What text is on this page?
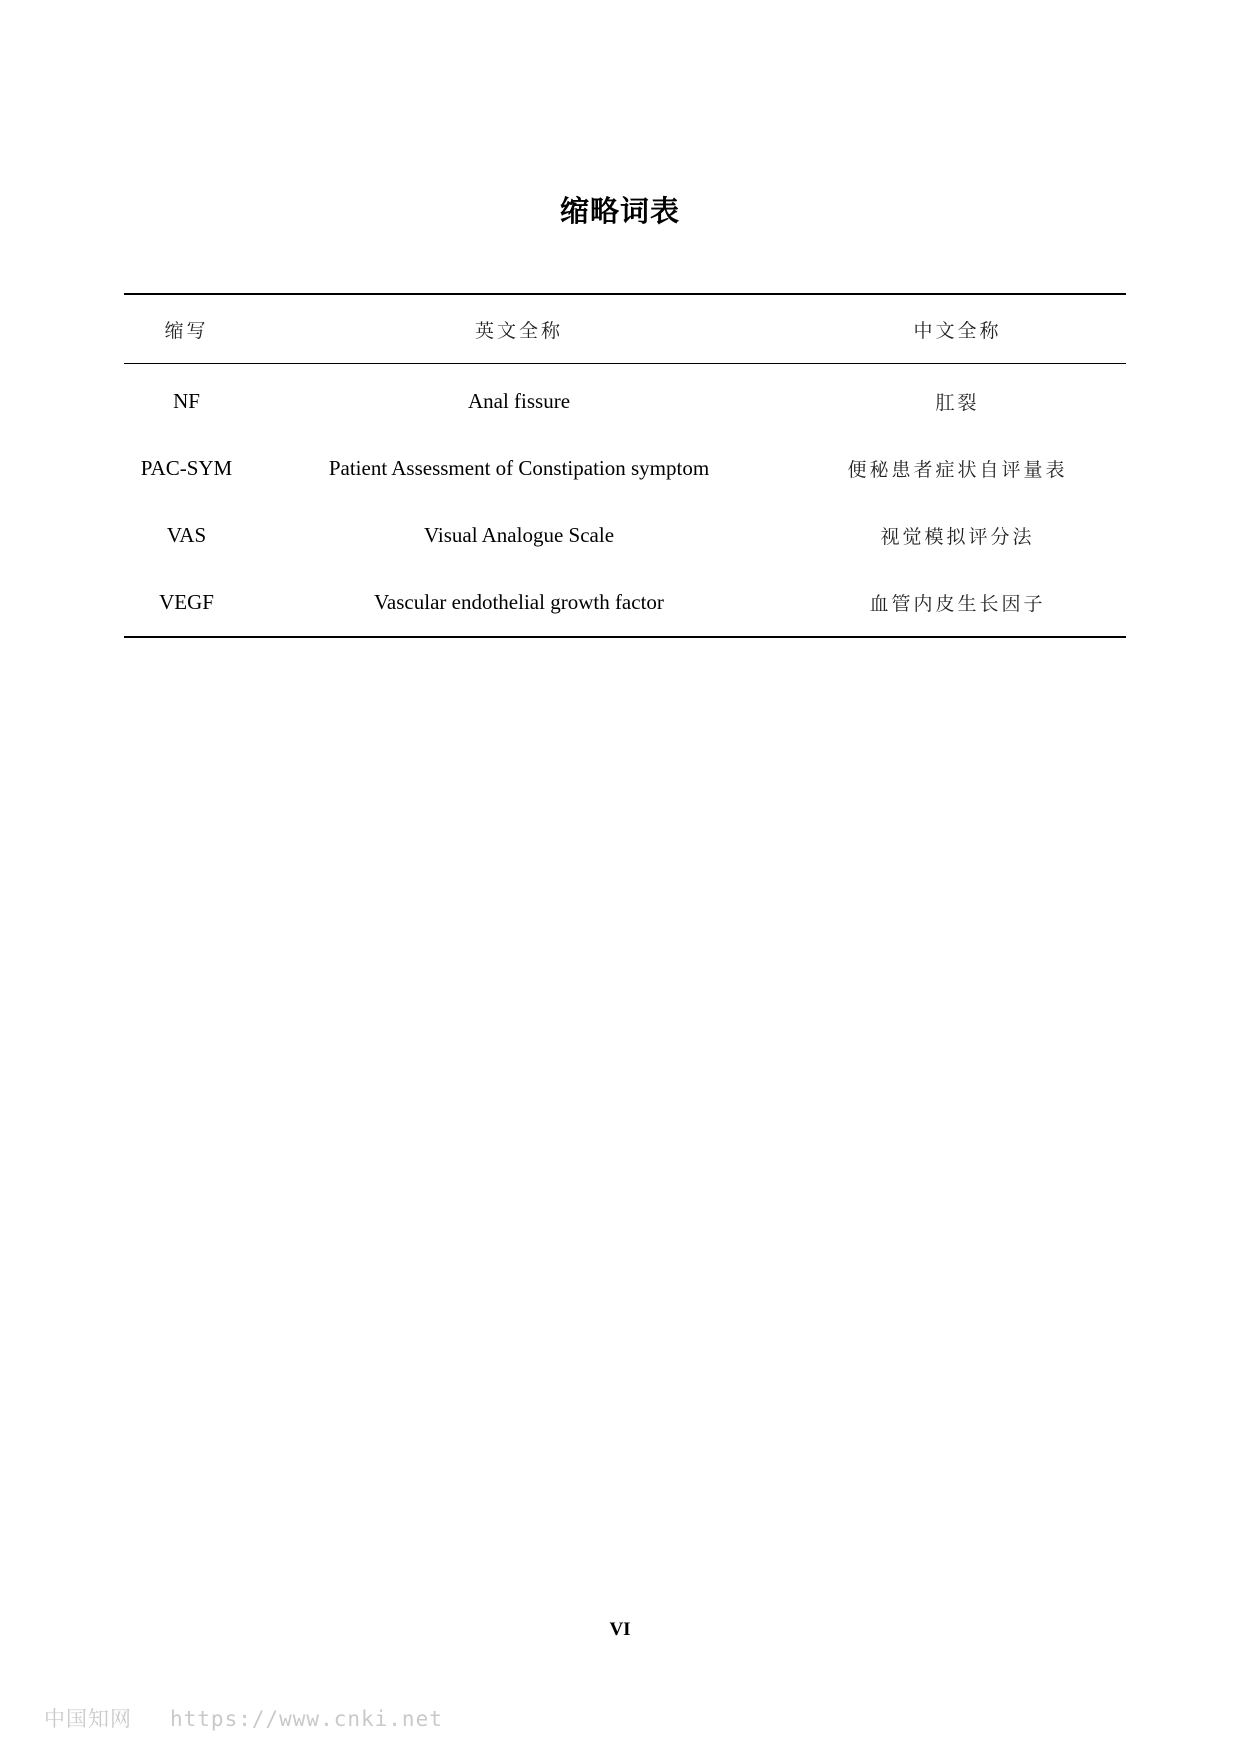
缩略词表
缩写	英文全称	中文全称
NF	Anal fissure	肛裂
PAC-SYM	Patient Assessment of Constipation symptom	便秘患者症状自评量表
VAS	Visual Analogue Scale	视觉模拟评分法
VEGF	Vascular endothelial growth factor	血管内皮生长因子
VI
中国知网 https://www.cnki.net
